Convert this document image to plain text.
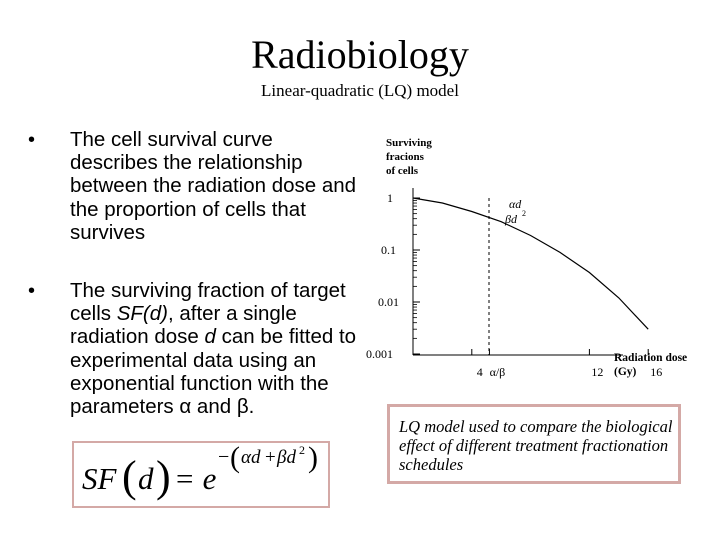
Radiobiology
Linear-quadratic (LQ) model
• The cell survival curve describes the relationship between the radiation dose and the proportion of cells that survives
• The surviving fraction of target cells SF(d), after a single radiation dose d can be fitted to experimental data using an exponential function with the parameters α and β.
SF ( d ) = e
− ( αd + βd 2 )
Surviving
fracions
of cells
1
0.1
0.01
0.001
4 α/β	12	16
αd
βd 2
Radiation dose
(Gy)
LQ model used to compare the biological effect of different treatment fractionation schedules
